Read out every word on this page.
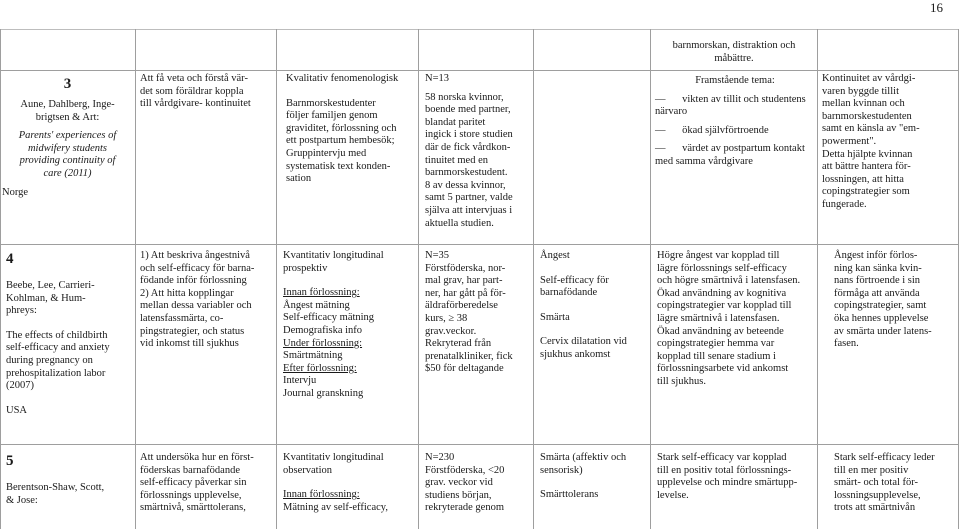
16
barnmorskan, distraktion och
måbättre.
3
Aune, Dahlberg, Inge-
brigtsen & Art:
Parents' experiences of
midwifery students
providing continuity of
care (2011)
Norge
Att få veta och förstå vär-
det som föräldrar koppla
till vårdgivare- kontinuitet
Kvalitativ fenomenologisk
Barnmorskestudenter
följer familjen genom
graviditet, förlossning och
ett postpartum hembesök;
Gruppintervju med
systematisk text konden-
sation
N=13
58 norska kvinnor,
boende med partner,
blandat paritet
ingick i store studien
där de fick vårdkon-
tinuitet med en
barnmorskestudent.
8 av dessa kvinnor,
samt 5 partner, valde
själva att intervjuas i
aktuella studien.
Framstående tema:
— vikten av tillit och studentens
närvaro
— ökad självförtroende
— värdet av postpartum kontakt
med samma vårdgivare
Kontinuitet av vårdgi-
varen byggde tillit
mellan kvinnan och
barnmorskestudenten
samt en känsla av "em-
powerment".
Detta hjälpte kvinnan
att bättre hantera för-
lossningen, att hitta
copingstrategier som
fungerade.
4
Beebe, Lee, Carrieri-
Kohlman, & Hum-
phreys:
The effects of childbirth
self-efficacy and anxiety
during pregnancy on
prehospitalization labor
(2007)
USA
1) Att beskriva ångestnivå
och self-efficacy för barna-
födande inför förlossning
2) Att hitta kopplingar
mellan dessa variabler och
latensfassmärta, co-
pingstrategier, och status
vid inkomst till sjukhus
Kvantitativ longitudinal
prospektiv
Innan förlossning:
Ångest mätning
Self-efficacy mätning
Demografiska info
Under förlossning:
Smärtmätning
Efter förlossning:
Intervju
Journal granskning
N=35
Förstföderska, nor-
mal grav, har part-
ner, har gått på för-
äldraförberedelse
kurs, ≥ 38
grav.veckor.
Rekryterad från
prenatalkliniker, fick
$50 för deltagande
Ångest
Self-efficacy för
barnafödande
Smärta
Cervix dilatation vid
sjukhus ankomst
Högre ångest var kopplad till
lägre förlossnings self-efficacy
och högre smärtnivå i latensfasen.
Ökad användning av kognitiva
copingstrategier var kopplad till
lägre smärtnivå i latensfasen.
Ökad användning av beteende
copingstrategier hemma var
kopplad till senare stadium i
förlossningsarbete vid ankomst
till sjukhus.
Ångest inför förlos-
ning kan sänka kvin-
nans förtroende i sin
förmåga att använda
copingstrategier, samt
öka hennes upplevelse
av smärta under latens-
fasen.
5
Berentson-Shaw, Scott,
& Jose:
Att undersöka hur en först-
föderskas barnafödande
self-efficacy påverkar sin
förlossnings upplevelse,
smärtnivå, smärttolerans,
Kvantitativ longitudinal
observation
Innan förlossning:
Mätning av self-efficacy,
N=230
Förstföderska, <20
grav. veckor vid
studiens början,
rekryterade genom
Smärta (affektiv och
sensorisk)
Smärttolerans
Stark self-efficacy var kopplad
till en positiv total förlossnings-
upplevelse och mindre smärtupp-
levelse.
Stark self-efficacy leder
till en mer positiv
smärt- och total för-
lossningsupplevelse,
trots att smärtnivån
